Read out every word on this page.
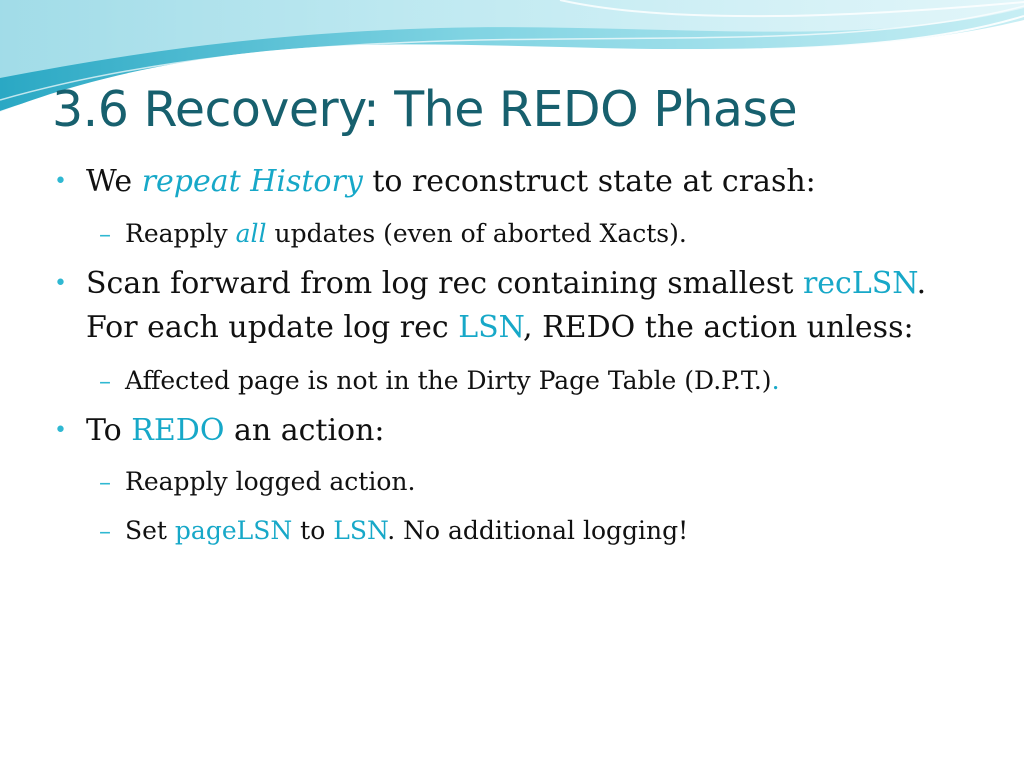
3.6 Recovery: The REDO Phase
• We repeat History to reconstruct state at crash:

– Reapply all updates (even of aborted Xacts).

• Scan forward from log rec containing smallest recLSN.

For each update log rec LSN, REDO the action unless:

– Affected page is not in the Dirty Page Table (D.P.T.).

• To REDO an action:

– Reapply logged action.

– Set pageLSN to LSN. No additional logging!
